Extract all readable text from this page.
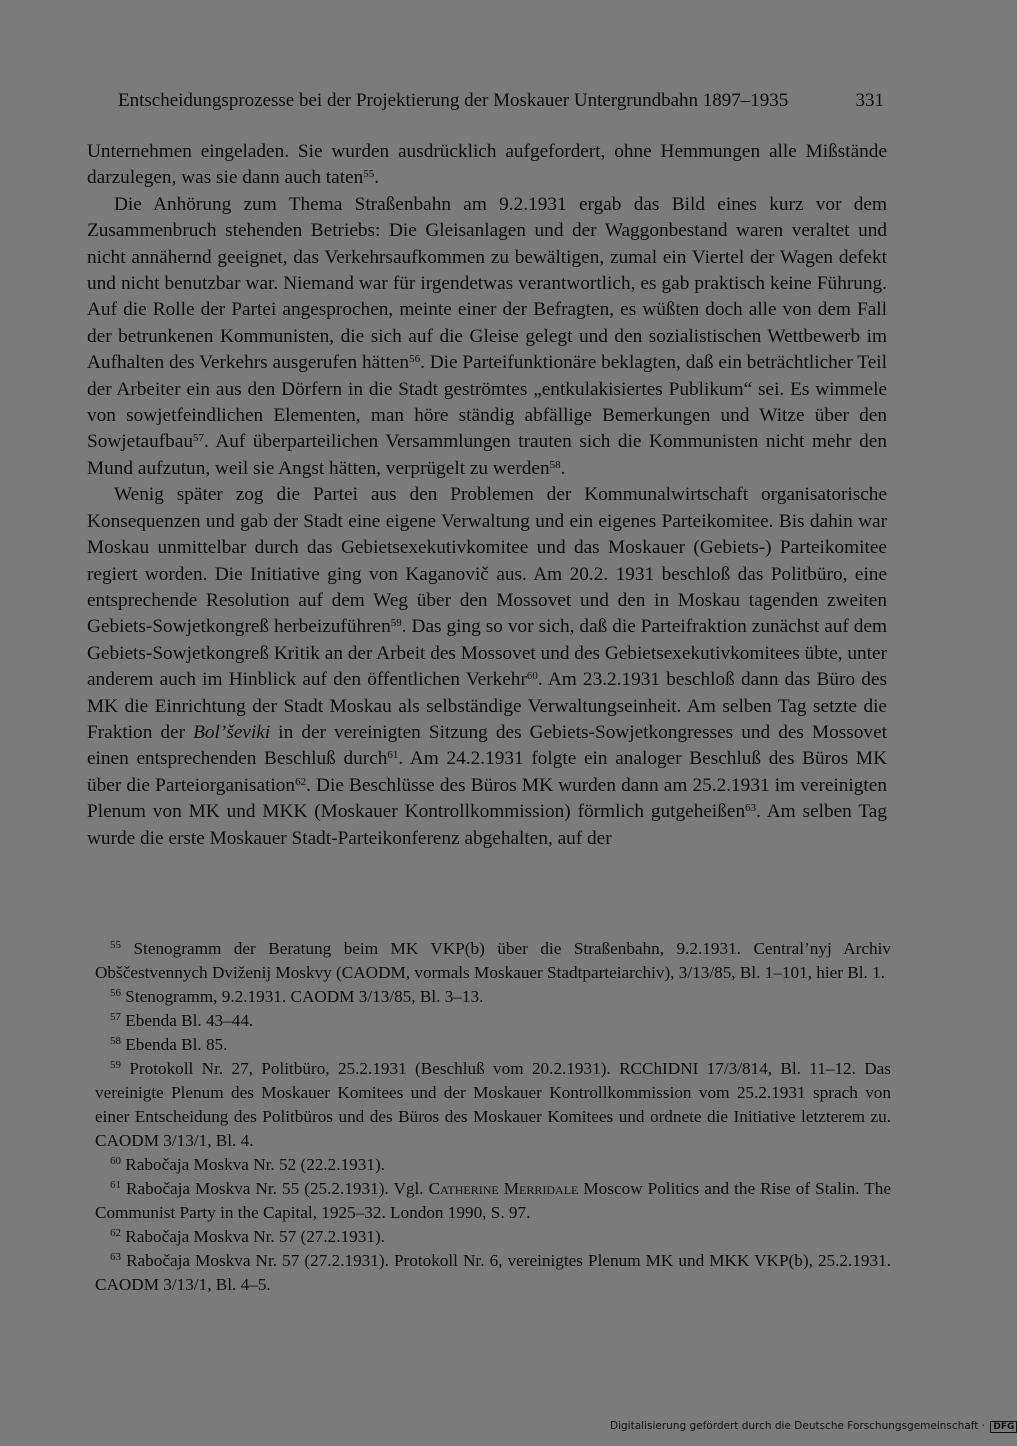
Entscheidungsprozesse bei der Projektierung der Moskauer Untergrundbahn 1897–1935	331

Unternehmen eingeladen. Sie wurden ausdrücklich aufgefordert, ohne Hemmungen alle Mißstände darzulegen, was sie dann auch taten$^{55}$.

Die Anhörung zum Thema Straßenbahn am 9.2.1931 ergab das Bild eines kurz vor dem Zusammenbruch stehenden Betriebs: Die Gleisanlagen und der Waggonbestand waren veraltet und nicht annähernd geeignet, das Verkehrsaufkommen zu bewältigen, zumal ein Viertel der Wagen defekt und nicht benutzbar war. Niemand war für irgendetwas verantwortlich, es gab praktisch keine Führung. Auf die Rolle der Partei angesprochen, meinte einer der Befragten, es wüßten doch alle von dem Fall der betrunkenen Kommunisten, die sich auf die Gleise gelegt und den sozialistischen Wettbewerb im Aufhalten des Verkehrs ausgerufen hätten$^{56}$. Die Parteifunktionäre beklagten, daß ein beträchtlicher Teil der Arbeiter ein aus den Dörfern in die Stadt geströmtes „entkulakisiertes Publikum“ sei. Es wimmele von sowjetfeindlichen Elementen, man höre ständig abfällige Bemerkungen und Witze über den Sowjetaufbau$^{57}$. Auf überparteilichen Versammlungen trauten sich die Kommunisten nicht mehr den Mund aufzutun, weil sie Angst hätten, verprügelt zu werden$^{58}$.

Wenig später zog die Partei aus den Problemen der Kommunalwirtschaft organisatorische Konsequenzen und gab der Stadt eine eigene Verwaltung und ein eigenes Parteikomitee. Bis dahin war Moskau unmittelbar durch das Gebietsexekutivkomitee und das Moskauer (Gebiets-) Parteikomitee regiert worden. Die Initiative ging von Kaganovič aus. Am 20.2. 1931 beschloß das Politbüro, eine entsprechende Resolution auf dem Weg über den Mossovet und den in Moskau tagenden zweiten Gebiets-Sowjetkongreß herbeizuführen$^{59}$. Das ging so vor sich, daß die Parteifraktion zunächst auf dem Gebiets-Sowjetkongreß Kritik an der Arbeit des Mossovet und des Gebietsexekutivkomitees übte, unter anderem auch im Hinblick auf den öffentlichen Verkehr$^{60}$. Am 23.2.1931 beschloß dann das Büro des MK die Einrichtung der Stadt Moskau als selbständige Verwaltungseinheit. Am selben Tag setzte die Fraktion der Bol’ševiki in der vereinigten Sitzung des Gebiets-Sowjetkongresses und des Mossovet einen entsprechenden Beschluß durch$^{61}$. Am 24.2.1931 folgte ein analoger Beschluß des Büros MK über die Parteiorganisation$^{62}$. Die Beschlüsse des Büros MK wurden dann am 25.2.1931 im vereinigten Plenum von MK und MKK (Moskauer Kontrollkommission) förmlich gutgeheißen$^{63}$. Am selben Tag wurde die erste Moskauer Stadt-Parteikonferenz abgehalten, auf der

$^{55}$ Stenogramm der Beratung beim MK VKP(b) über die Straßenbahn, 9.2.1931. Central’nyj Archiv Obščestvennych Dviženij Moskvy (CAODM, vormals Moskauer Stadtparteiarchiv), 3/13/85, Bl. 1–101, hier Bl. 1.

$^{56}$ Stenogramm, 9.2.1931. CAODM 3/13/85, Bl. 3–13.

$^{57}$ Ebenda Bl. 43–44.

$^{58}$ Ebenda Bl. 85.

$^{59}$ Protokoll Nr. 27, Politbüro, 25.2.1931 (Beschluß vom 20.2.1931). RCChIDNI 17/3/814, Bl. 11–12. Das vereinigte Plenum des Moskauer Komitees und der Moskauer Kontrollkommission vom 25.2.1931 sprach von einer Entscheidung des Politbüros und des Büros des Moskauer Komitees und ordnete die Initiative letzterem zu. CAODM 3/13/1, Bl. 4.

$^{60}$ Rabočaja Moskva Nr. 52 (22.2.1931).

$^{61}$ Rabočaja Moskva Nr. 55 (25.2.1931). Vgl. Catherine Merridale Moscow Politics and the Rise of Stalin. The Communist Party in the Capital, 1925–32. London 1990, S. 97.

$^{62}$ Rabočaja Moskva Nr. 57 (27.2.1931).

$^{63}$ Rabočaja Moskva Nr. 57 (27.2.1931). Protokoll Nr. 6, vereinigtes Plenum MK und MKK VKP(b), 25.2.1931. CAODM 3/13/1, Bl. 4–5.

Digitalisierung gefördert durch die Deutsche Forschungsgemeinschaft · DFG
